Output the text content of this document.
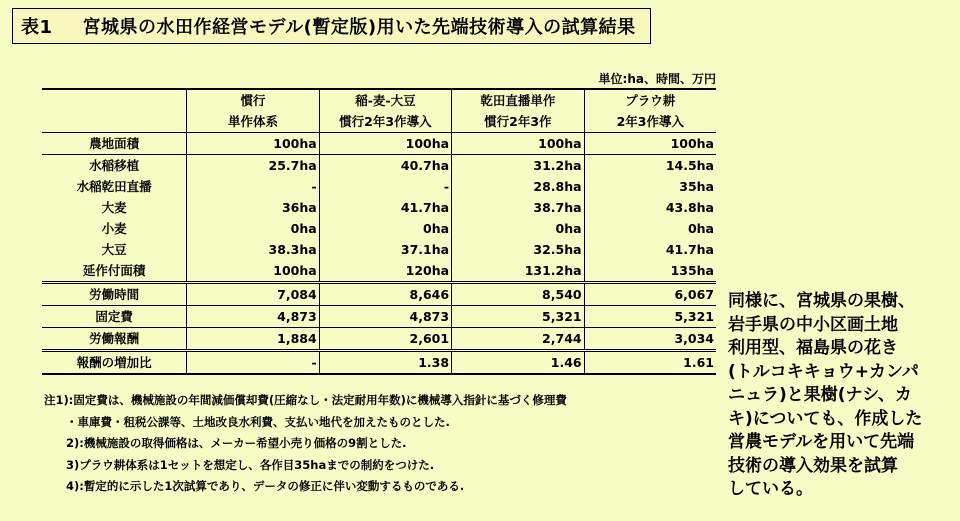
表1 宮城県の水田作経営モデル(暫定版)用いた先端技術導入の試算結果
単位:ha、時間、万円
	慣行	稲-麦-大豆	乾田直播単作	プラウ耕
	単作体系	慣行2年3作導入	慣行2年3作	2年3作導入
農地面積	100ha	100ha	100ha	100ha
水稲移植	25.7ha	40.7ha	31.2ha	14.5ha
水稲乾田直播	-	-	28.8ha	35ha
大麦	36ha	41.7ha	38.7ha	43.8ha
小麦	0ha	0ha	0ha	0ha
大豆	38.3ha	37.1ha	32.5ha	41.7ha
延作付面積	100ha	120ha	131.2ha	135ha
労働時間	7,084	8,646	8,540	6,067
固定費	4,873	4,873	5,321	5,321
労働報酬	1,884	2,601	2,744	3,034
報酬の増加比	-	1.38	1.46	1.61
注1):固定費は、機械施設の年間減価償却費(圧縮なし・法定耐用年数)に機械導入指針に基づく修理費
・車庫費・租税公課等、土地改良水利費、支払い地代を加えたものとした.
2):機械施設の取得価格は、メーカー希望小売り価格の9割とした.
3)プラウ耕体系は1セットを想定し、各作目35haまでの制約をつけた.
4):暫定的に示した1次試算であり、データの修正に伴い変動するものである.
同様に、宮城県の果樹、
岩手県の中小区画土地
利用型、福島県の花き
(トルコキキョウ+カンパ
ニュラ)と果樹(ナシ、カ
キ)についても、作成した
営農モデルを用いて先端
技術の導入効果を試算
している。
